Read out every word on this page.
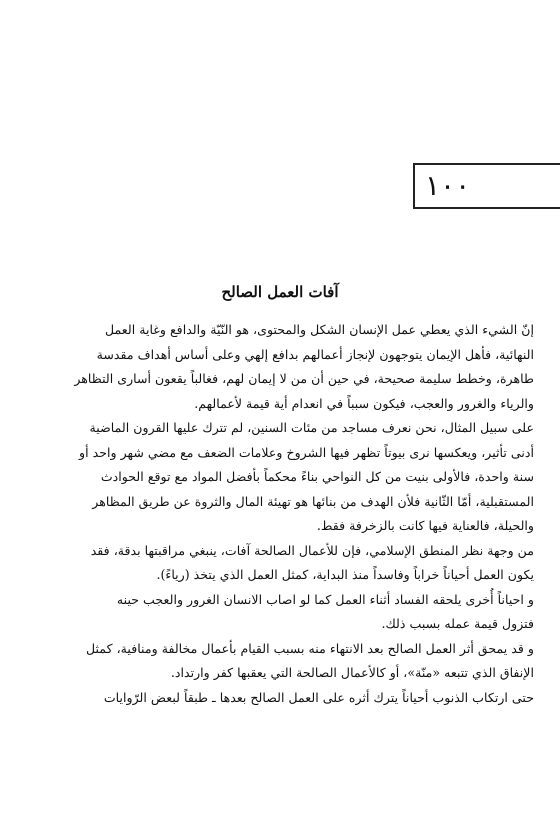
١٠٠
آفات العمل الصالح
إنّ الشيء الذي يعطي عمل الإنسان الشكل والمحتوى، هو النّيّة والدافع وغاية العمل
النهائية، فأهل الإيمان يتوجهون لإنجاز أعمالهم بدافع إلهي وعلى أساس أهداف مقدسة
طاهرة، وخطط سليمة صحيحة، في حين أن من لا إيمان لهم، فغالباً يقعون أسارى التظاهر
والرياء والغرور والعجب، فيكون سبباً في انعدام أية قيمة لأعمالهم.
على سبيل المثال، نحن نعرف مساجد من مئات السنين، لم تترك عليها القرون الماضية
أدنى تأثير، ويعكسها نرى بيوتاً تظهر فيها الشروخ وعلامات الضعف مع مضي شهر واحد أو
سنة واحدة، فالأولى بنيت من كل النواحي بناءً محكماً بأفضل المواد مع توقع الحوادث
المستقبلية، أمّا الثّانية فلأن الهدف من بنائها هو تهيئة المال والثروة عن طريق المظاهر
والحيلة، فالعناية فيها كانت بالزخرفة فقط.
من وجهة نظر المنطق الإسلامي، فإن للأعمال الصالحة آفات، ينبغي مراقبتها بدقة، فقد
يكون العمل أحياناً خراباً وفاسداً منذ البداية، كمثل العمل الذي يتخذ (رياءً).
و احياناً أُخرى يلحقه الفساد أثناء العمل كما لو اصاب الانسان الغرور والعجب حينه
فتزول قيمة عمله بسبب ذلك.
و قد يمحق أثر العمل الصالح بعد الانتهاء منه بسبب القيام بأعمال مخالفة ومنافية، كمثل
الإنفاق الذي تتبعه «منّة»، أو كالأعمال الصالحة التي يعقبها كفر وارتداد.
حتى ارتكاب الذنوب أحياناً يترك أثره على العمل الصالح بعدها ـ طبقاً لبعض الرّوايات
